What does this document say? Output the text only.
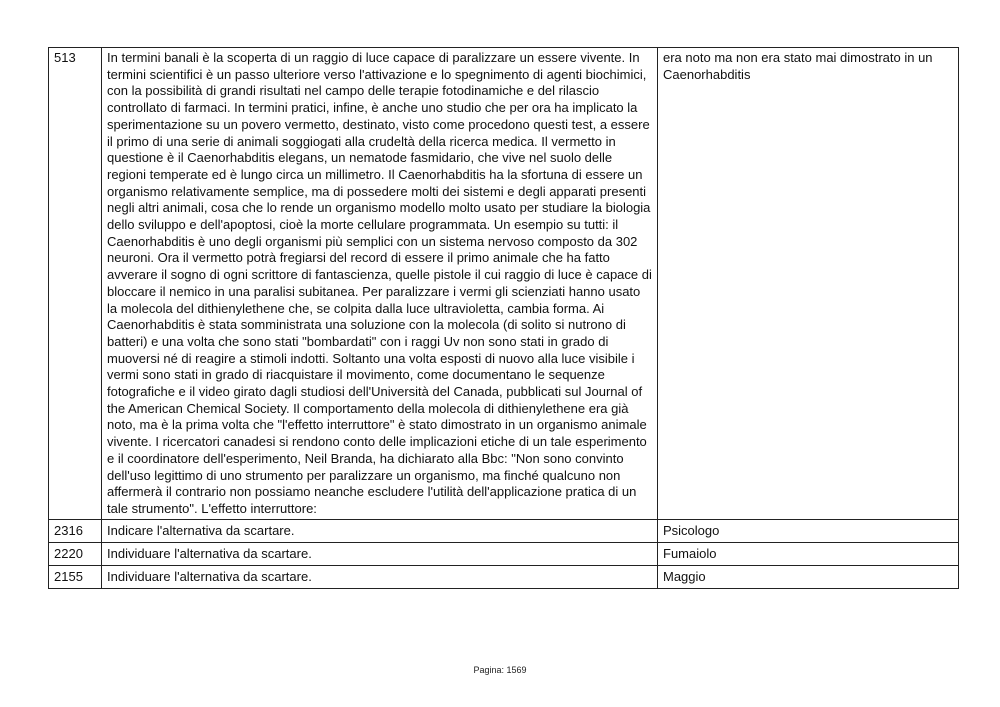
513	In termini banali è la scoperta di un raggio di luce capace di paralizzare un essere vivente. In termini scientifici è un passo ulteriore verso l'attivazione e lo spegnimento di agenti biochimici, con la possibilità di grandi risultati nel campo delle terapie fotodinamiche e del rilascio controllato di farmaci. In termini pratici, infine, è anche uno studio che per ora ha implicato la sperimentazione su un povero vermetto, destinato, visto come procedono questi test, a essere il primo di una serie di animali soggiogati alla crudeltà della ricerca medica. Il vermetto in questione è il Caenorhabditis elegans, un nematode fasmidario, che vive nel suolo delle regioni temperate ed è lungo circa un millimetro. Il Caenorhabditis ha la sfortuna di essere un organismo relativamente semplice, ma di possedere molti dei sistemi e degli apparati presenti negli altri animali, cosa che lo rende un organismo modello molto usato per studiare la biologia dello sviluppo e dell'apoptosi, cioè la morte cellulare programmata. Un esempio su tutti: il Caenorhabditis è uno degli organismi più semplici con un sistema nervoso composto da 302 neuroni. Ora il vermetto potrà fregiarsi del record di essere il primo animale che ha fatto avverare il sogno di ogni scrittore di fantascienza, quelle pistole il cui raggio di luce è capace di bloccare il nemico in una paralisi subitanea. Per paralizzare i vermi gli scienziati hanno usato la molecola del dithienylethene che, se colpita dalla luce ultravioletta, cambia forma. Ai Caenorhabditis è stata somministrata una soluzione con la molecola (di solito si nutrono di batteri) e una volta che sono stati "bombardati" con i raggi Uv non sono stati in grado di muoversi né di reagire a stimoli indotti. Soltanto una volta esposti di nuovo alla luce visibile i vermi sono stati in grado di riacquistare il movimento, come documentano le sequenze fotografiche e il video girato dagli studiosi dell'Università del Canada, pubblicati sul Journal of the American Chemical Society. Il comportamento della molecola di dithienylethene era già noto, ma è la prima volta che "l'effetto interruttore" è stato dimostrato in un organismo animale vivente. I ricercatori canadesi si rendono conto delle implicazioni etiche di un tale esperimento e il coordinatore dell'esperimento, Neil Branda, ha dichiarato alla Bbc: "Non sono convinto dell'uso legittimo di uno strumento per paralizzare un organismo, ma finché qualcuno non affermerà il contrario non possiamo neanche escludere l'utilità dell'applicazione pratica di un tale strumento". L'effetto interruttore:	era noto ma non era stato mai dimostrato in un Caenorhabditis
2316	Indicare l'alternativa da scartare.	Psicologo
2220	Individuare l'alternativa da scartare.	Fumaiolo
2155	Individuare l'alternativa da scartare.	Maggio
Pagina: 1569
